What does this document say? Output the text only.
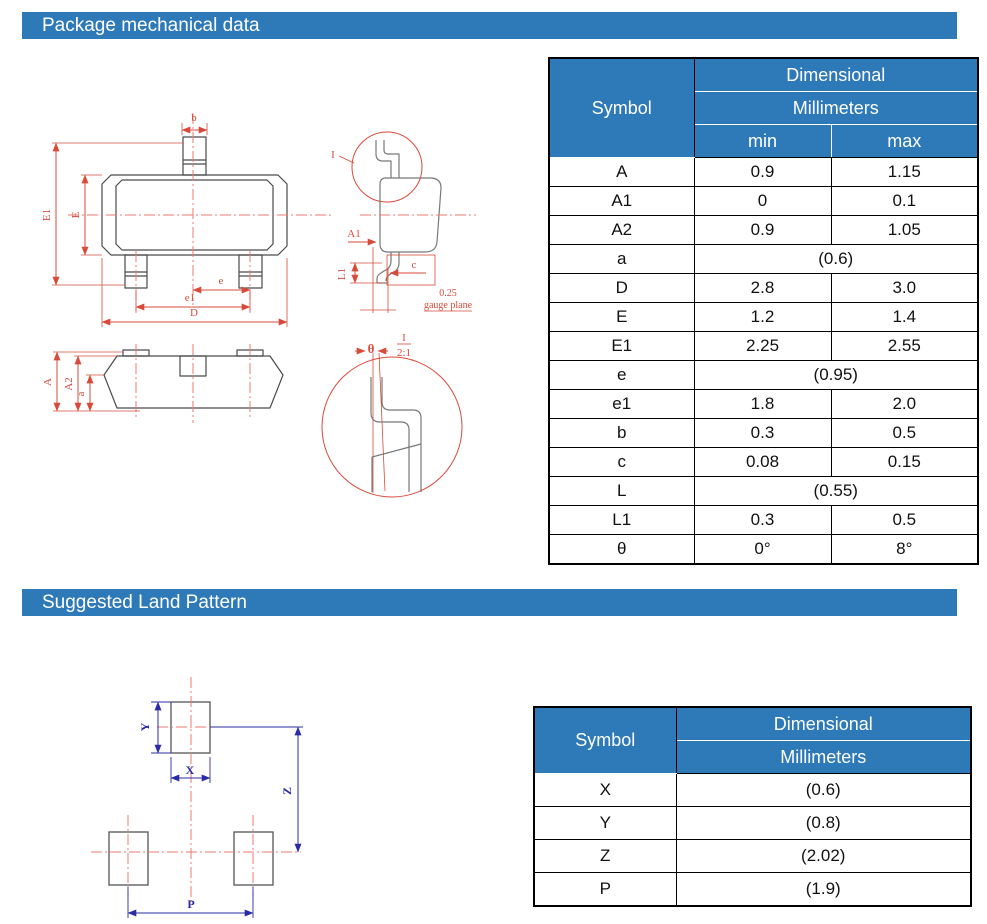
Package mechanical data
b
E1 E
e
e1
D
I
A1
L1
c
0.25
gauge plane
θ
I
2:1
A A2
a
Symbol	Dimensional	
	Millimeters	
	min	max
A	0.9	1.15
A1	0	0.1
A2	0.9	1.05
a	(0.6)	
D	2.8	3.0
E	1.2	1.4
E1	2.25	2.55
e	(0.95)	
e1	1.8	2.0
b	0.3	0.5
c	0.08	0.15
L	(0.55)	
L1	0.3	0.5
θ	0°	8°
Suggested Land Pattern
Y
X
Z
P
Symbol	Dimensional
	Millimeters
X	(0.6)
Y	(0.8)
Z	(2.02)
P	(1.9)
